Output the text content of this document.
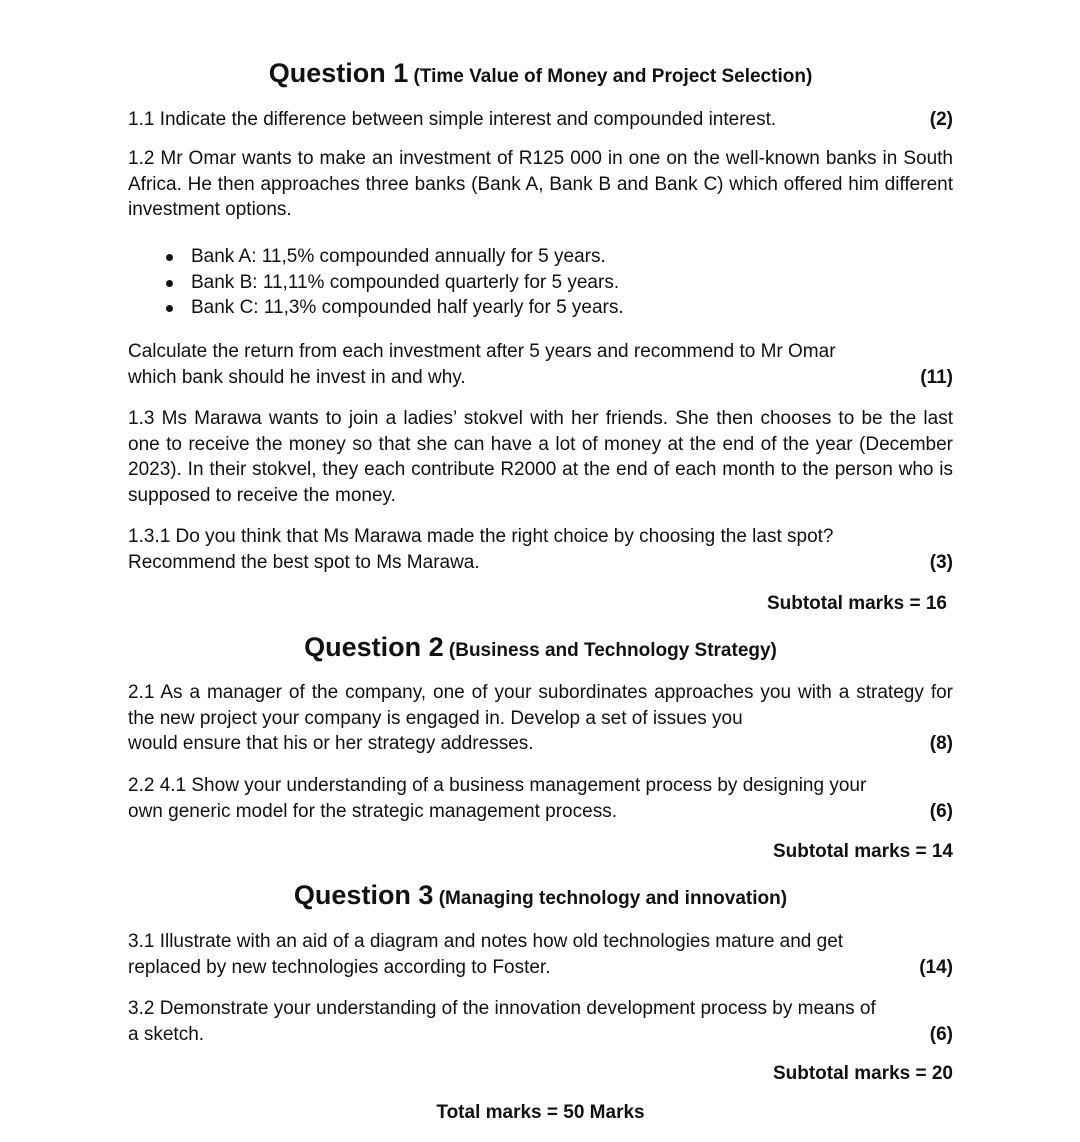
Question 1 (Time Value of Money and Project Selection)
1.1 Indicate the difference between simple interest and compounded interest.	(2)
1.2 Mr Omar wants to make an investment of R125 000 in one on the well-known banks in South Africa. He then approaches three banks (Bank A, Bank B and Bank C) which offered him different investment options.
Bank A: 11,5% compounded annually for 5 years.
Bank B: 11,11% compounded quarterly for 5 years.
Bank C: 11,3% compounded half yearly for 5 years.
Calculate the return from each investment after 5 years and recommend to Mr Omar
which bank should he invest in and why.	(11)
1.3 Ms Marawa wants to join a ladies’ stokvel with her friends. She then chooses to be the last one to receive the money so that she can have a lot of money at the end of the year (December 2023). In their stokvel, they each contribute R2000 at the end of each month to the person who is supposed to receive the money.
1.3.1 Do you think that Ms Marawa made the right choice by choosing the last spot?
Recommend the best spot to Ms Marawa.	(3)
Subtotal marks = 16
Question 2 (Business and Technology Strategy)
2.1 As a manager of the company, one of your subordinates approaches you with a strategy for the new project your company is engaged in. Develop a set of issues you
would ensure that his or her strategy addresses.	(8)
2.2 4.1 Show your understanding of a business management process by designing your
own generic model for the strategic management process.	(6)
Subtotal marks = 14
Question 3 (Managing technology and innovation)
3.1 Illustrate with an aid of a diagram and notes how old technologies mature and get
replaced by new technologies according to Foster.	(14)
3.2 Demonstrate your understanding of the innovation development process by means of
a sketch.	(6)
Subtotal marks = 20
Total marks = 50 Marks
